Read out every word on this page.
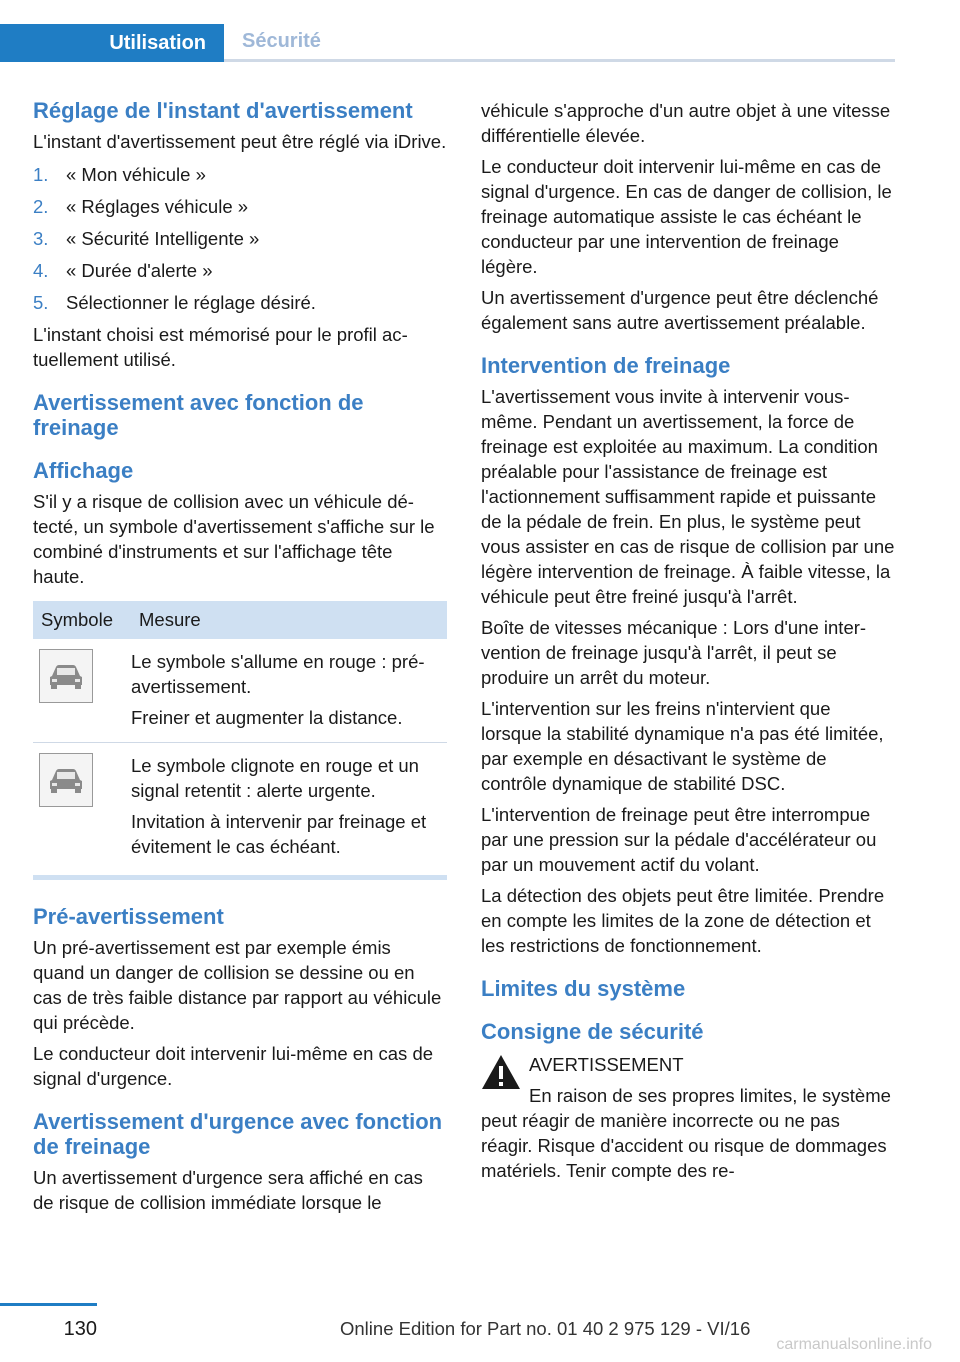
Utilisation	Sécurité
Réglage de l'instant d'avertissement

L'instant d'avertissement peut être réglé via iDrive.

1. « Mon véhicule »
2. « Réglages véhicule »
3. « Sécurité Intelligente »
4. « Durée d'alerte »
5. Sélectionner le réglage désiré.

L'instant choisi est mémorisé pour le profil actuellement utilisé.

Avertissement avec fonction de freinage
Affichage

S'il y a risque de collision avec un véhicule détecté, un symbole d'avertissement s'affiche sur le combiné d'instruments et sur l'affichage tête haute.

Symbole	Mesure

Le symbole s'allume en rouge : pré-avertissement.
Freiner et augmenter la distance.

Le symbole clignote en rouge et un signal retentit : alerte urgente.
Invitation à intervenir par freinage et évitement le cas échéant.
Pré-avertissement

Un pré-avertissement est par exemple émis quand un danger de collision se dessine ou en cas de très faible distance par rapport au véhicule qui précède.

Le conducteur doit intervenir lui-même en cas de signal d'urgence.

Avertissement d'urgence avec fonction de freinage

Un avertissement d'urgence sera affiché en cas de risque de collision immédiate lorsque le

véhicule s'approche d'un autre objet à une vitesse différentielle élevée.

Le conducteur doit intervenir lui-même en cas de signal d'urgence. En cas de danger de collision, le freinage automatique assiste le cas échéant le conducteur par une intervention de freinage légère.

Un avertissement d'urgence peut être déclenché également sans autre avertissement préalable.

Intervention de freinage

L'avertissement vous invite à intervenir vous-même. Pendant un avertissement, la force de freinage est exploitée au maximum. La condition préalable pour l'assistance de freinage est l'actionnement suffisamment rapide et puissante de la pédale de frein. En plus, le système peut vous assister en cas de risque de collision par une légère intervention de freinage. À faible vitesse, la véhicule peut être freiné jusqu'à l'arrêt.

Boîte de vitesses mécanique : Lors d'une intervention de freinage jusqu'à l'arrêt, il peut se produire un arrêt du moteur.

L'intervention sur les freins n'intervient que lorsque la stabilité dynamique n'a pas été limitée, par exemple en désactivant le système de contrôle dynamique de stabilité DSC.

L'intervention de freinage peut être interrompue par une pression sur la pédale d'accélérateur ou par un mouvement actif du volant.

La détection des objets peut être limitée. Prendre en compte les limites de la zone de détection et les restrictions de fonctionnement.

Limites du système
Consigne de sécurité

AVERTISSEMENT

En raison de ses propres limites, le système peut réagir de manière incorrecte ou ne pas réagir. Risque d'accident ou risque de dommages matériels. Tenir compte des re-

130	Online Edition for Part no. 01 40 2 975 129 - VI/16
carmanualsonline.info
